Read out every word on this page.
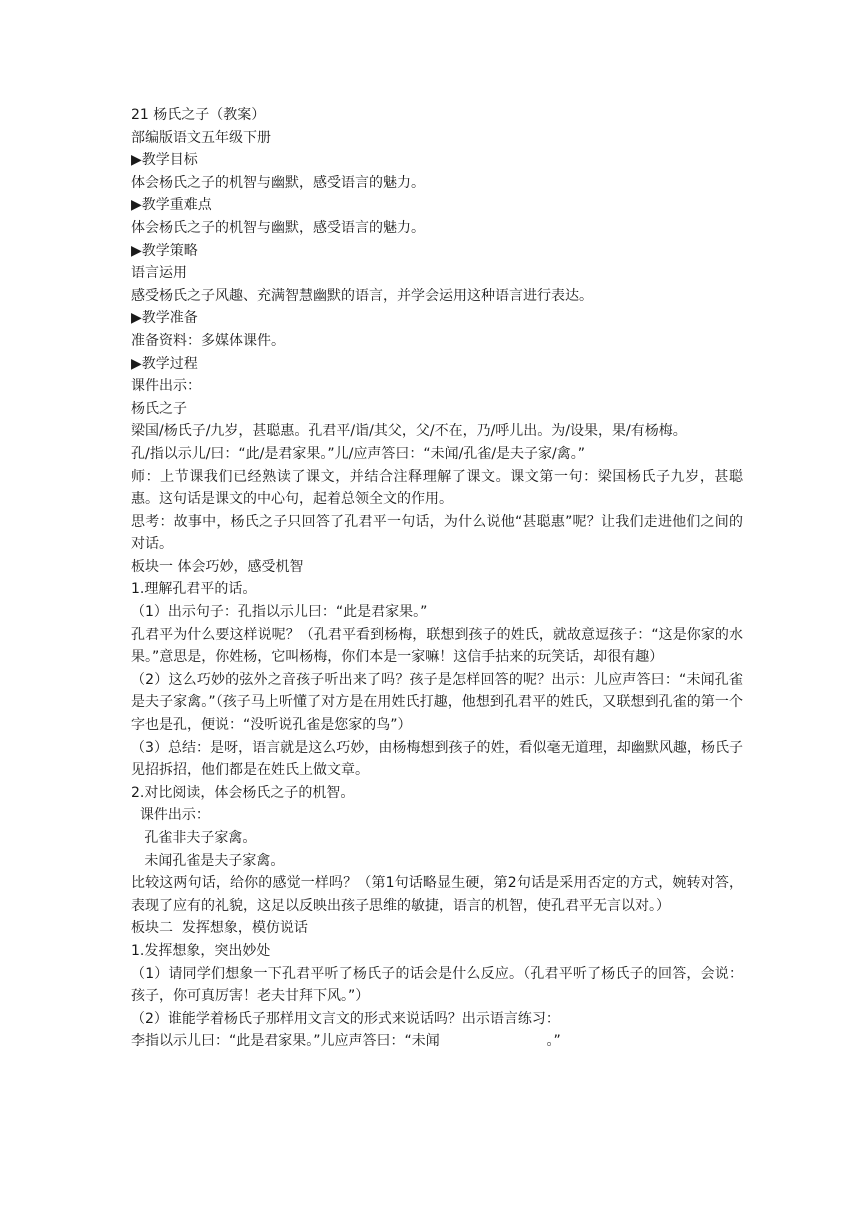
21 杨氏之子（教案）

部编版语文五年级下册

▶教学目标

体会杨氏之子的机智与幽默，感受语言的魅力。

▶教学重难点

体会杨氏之子的机智与幽默，感受语言的魅力。

▶教学策略

语言运用

感受杨氏之子风趣、充满智慧幽默的语言，并学会运用这种语言进行表达。

▶教学准备

准备资料：多媒体课件。

▶教学过程

课件出示：

杨氏之子

梁国/杨氏子/九岁，甚聪惠。孔君平/诣/其父，父/不在，乃/呼儿出。为/设果，果/有杨梅。

孔/指以示儿/曰：“此/是君家果。”儿/应声答曰：“未闻/孔雀/是夫子家/禽。”

师：上节课我们已经熟读了课文，并结合注释理解了课文。课文第一句：梁国杨氏子九岁，甚聪惠。这句话是课文的中心句，起着总领全文的作用。

思考：故事中，杨氏之子只回答了孔君平一句话，为什么说他“甚聪惠”呢？让我们走进他们之间的对话。

板块一 体会巧妙，感受机智

1.理解孔君平的话。

（1）出示句子：孔指以示儿曰：“此是君家果。”

孔君平为什么要这样说呢？（孔君平看到杨梅，联想到孩子的姓氏，就故意逗孩子：“这是你家的水果。”意思是，你姓杨，它叫杨梅，你们本是一家嘛！这信手拈来的玩笑话，却很有趣）

（2）这么巧妙的弦外之音孩子听出来了吗？孩子是怎样回答的呢？出示：儿应声答曰：“未闻孔雀是夫子家禽。”（孩子马上听懂了对方是在用姓氏打趣，他想到孔君平的姓氏，又联想到孔雀的第一个字也是孔，便说：“没听说孔雀是您家的鸟”）

（3）总结：是呀，语言就是这么巧妙，由杨梅想到孩子的姓，看似毫无道理，却幽默风趣，杨氏子见招拆招，他们都是在姓氏上做文章。

2.对比阅读，体会杨氏之子的机智。

课件出示：

孔雀非夫子家禽。

未闻孔雀是夫子家禽。

比较这两句话，给你的感觉一样吗？（第1句话略显生硬，第2句话是采用否定的方式，婉转对答，表现了应有的礼貌，这足以反映出孩子思维的敏捷，语言的机智，使孔君平无言以对。）

板块二  发挥想象，模仿说话

1.发挥想象，突出妙处

（1）请同学们想象一下孔君平听了杨氏子的话会是什么反应。（孔君平听了杨氏子的回答，会说：孩子，你可真厉害！老夫甘拜下风。”）

（2）谁能学着杨氏子那样用文言文的形式来说话吗？出示语言练习：

李指以示儿曰：“此是君家果。”儿应声答曰：“未闻                        。”
